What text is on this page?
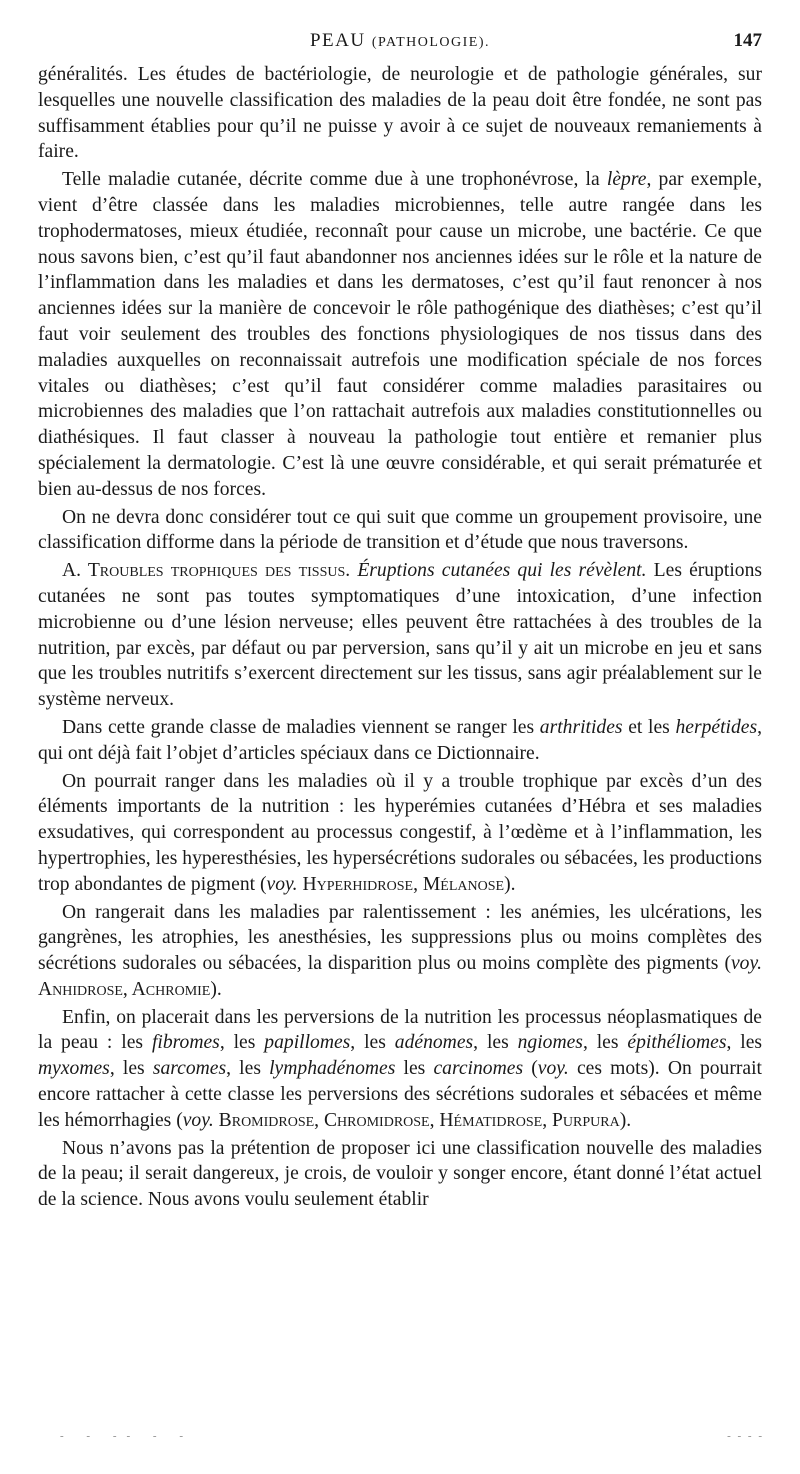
PEAU (PATHOLOGIE).	147

généralités. Les études de bactériologie, de neurologie et de pathologie générales, sur lesquelles une nouvelle classification des maladies de la peau doit être fondée, ne sont pas suffisamment établies pour qu’il ne puisse y avoir à ce sujet de nouveaux remaniements à faire.

Telle maladie cutanée, décrite comme due à une trophonévrose, la lèpre, par exemple, vient d’être classée dans les maladies microbiennes, telle autre rangée dans les trophodermatoses, mieux étudiée, reconnaît pour cause un microbe, une bactérie. Ce que nous savons bien, c’est qu’il faut abandonner nos anciennes idées sur le rôle et la nature de l’inflammation dans les maladies et dans les dermatoses, c’est qu’il faut renoncer à nos anciennes idées sur la manière de concevoir le rôle pathogénique des diathèses; c’est qu’il faut voir seulement des troubles des fonctions physiologiques de nos tissus dans des maladies auxquelles on reconnaissait autrefois une modification spéciale de nos forces vitales ou diathèses; c’est qu’il faut considérer comme maladies parasitaires ou microbiennes des maladies que l’on rattachait autrefois aux maladies constitutionnelles ou diathésiques. Il faut classer à nouveau la pathologie tout entière et remanier plus spécialement la dermatologie. C’est là une œuvre considérable, et qui serait prématurée et bien au-dessus de nos forces.

On ne devra donc considérer tout ce qui suit que comme un groupement provisoire, une classification difforme dans la période de transition et d’étude que nous traversons.

A. Troubles trophiques des tissus. Éruptions cutanées qui les révèlent. Les éruptions cutanées ne sont pas toutes symptomatiques d’une intoxication, d’une infection microbienne ou d’une lésion nerveuse; elles peuvent être rattachées à des troubles de la nutrition, par excès, par défaut ou par perversion, sans qu’il y ait un microbe en jeu et sans que les troubles nutritifs s’exercent directement sur les tissus, sans agir préalablement sur le système nerveux.

Dans cette grande classe de maladies viennent se ranger les arthritides et les herpétides, qui ont déjà fait l’objet d’articles spéciaux dans ce Dictionnaire.

On pourrait ranger dans les maladies où il y a trouble trophique par excès d’un des éléments importants de la nutrition : les hyperémies cutanées d’Hébra et ses maladies exsudatives, qui correspondent au processus congestif, à l’œdème et à l’inflammation, les hypertrophies, les hyperesthésies, les hypersécrétions sudorales ou sébacées, les productions trop abondantes de pigment (voy. Hyperhidrose, Mélanose).

On rangerait dans les maladies par ralentissement : les anémies, les ulcérations, les gangrènes, les atrophies, les anesthésies, les suppressions plus ou moins complètes des sécrétions sudorales ou sébacées, la disparition plus ou moins complète des pigments (voy. Anhidrose, Achromie).

Enfin, on placerait dans les perversions de la nutrition les processus néoplasmatiques de la peau : les fibromes, les papillomes, les adénomes, les ngiomes, les épithéliomes, les myxomes, les sarcomes, les lymphadénomes les carcinomes (voy. ces mots). On pourrait encore rattacher à cette classe les perversions des sécrétions sudorales et sébacées et même les hémorrhagies (voy. Bromidrose, Chromidrose, Hématidrose, Purpura).

Nous n’avons pas la prétention de proposer ici une classification nouvelle des maladies de la peau; il serait dangereux, je crois, de vouloir y songer encore, étant donné l’état actuel de la science. Nous avons voulu seulement établir

- - -- - -	- - - -
